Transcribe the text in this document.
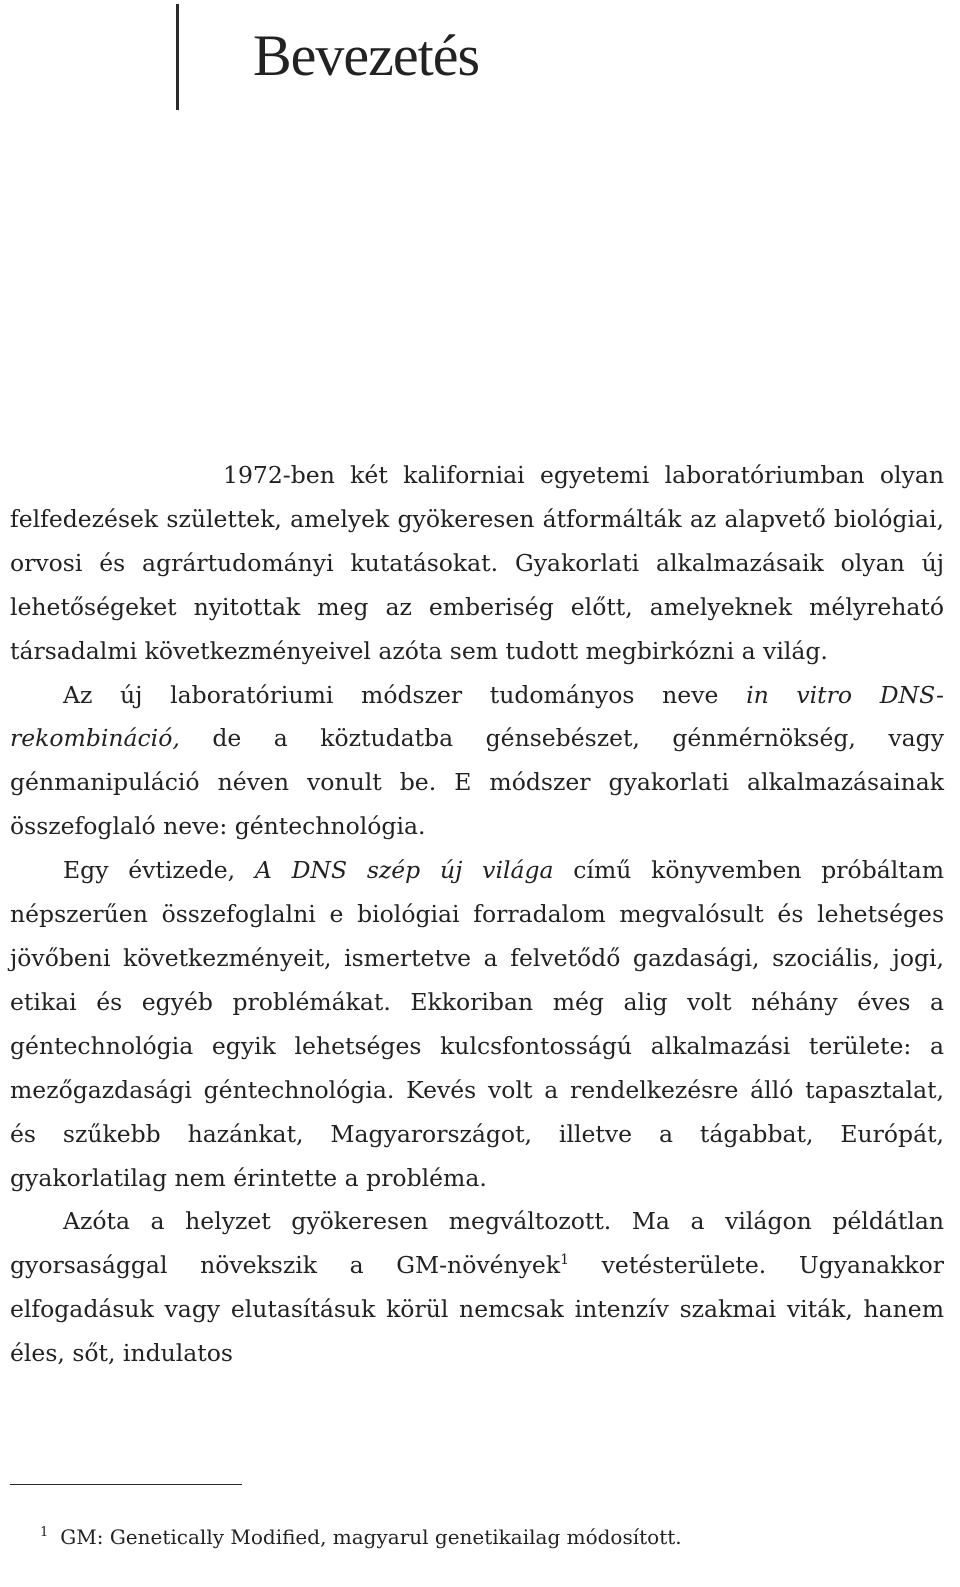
Bevezetés

1972-ben két kaliforniai egyetemi laboratóriumban olyan felfedezések születtek, amelyek gyökeresen átformálták az alapvető biológiai, orvosi és agrártudományi kutatásokat. Gyakorlati alkalmazásaik olyan új lehetőségeket nyitottak meg az emberiség előtt, amelyeknek mélyreható társadalmi következményeivel azóta sem tudott megbirkózni a világ.

Az új laboratóriumi módszer tudományos neve in vitro DNS-rekombináció, de a köztudatba génsebészet, génmérnökség, vagy génmanipuláció néven vonult be. E módszer gyakorlati alkalmazásainak összefoglaló neve: géntechnológia.

Egy évtizede, A DNS szép új világa című könyvemben próbáltam népszerűen összefoglalni e biológiai forradalom megvalósult és lehetséges jövőbeni következményeit, ismertetve a felvetődő gazdasági, szociális, jogi, etikai és egyéb problémákat. Ekkoriban még alig volt néhány éves a géntechnológia egyik lehetséges kulcsfontosságú alkalmazási területe: a mezőgazdasági géntechnológia. Kevés volt a rendelkezésre álló tapasztalat, és szűkebb hazánkat, Magyarországot, illetve a tágabbat, Európát, gyakorlatilag nem érintette a probléma.

Azóta a helyzet gyökeresen megváltozott. Ma a világon példátlan gyorsasággal növekszik a GM-növények$^1$ vetésterülete. Ugyanakkor elfogadásuk vagy elutasításuk körül nemcsak intenzív szakmai viták, hanem éles, sőt, indulatos

$^1$ GM: Genetically Modified, magyarul genetikailag módosított.
